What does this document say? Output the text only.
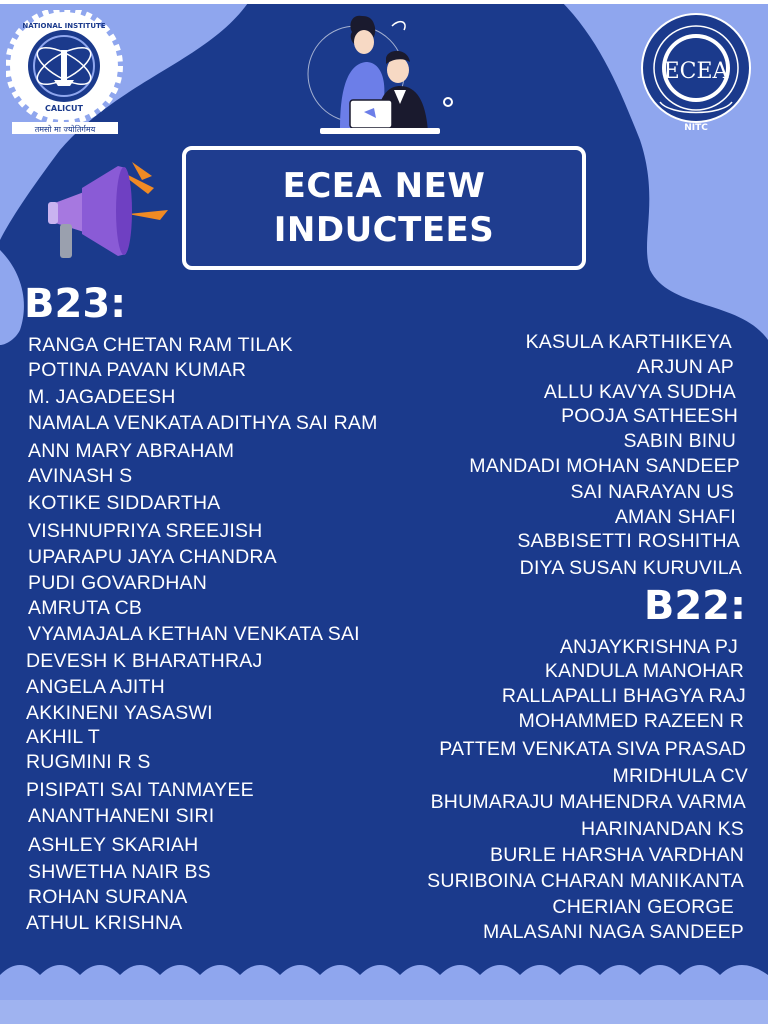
NATIONAL INSTITUTE
CALICUT
तमसो मा ज्योतिर्गमय
ECEA
NITC
ECEA NEW
INDUCTEES
B23:
RANGA CHETAN RAM TILAK
POTINA PAVAN KUMAR
M. JAGADEESH
NAMALA VENKATA ADITHYA SAI RAM
ANN MARY ABRAHAM
AVINASH S
KOTIKE SIDDARTHA
VISHNUPRIYA SREEJISH
UPARAPU JAYA CHANDRA
PUDI GOVARDHAN
AMRUTA CB
VYAMAJALA KETHAN VENKATA SAI
DEVESH K BHARATHRAJ
ANGELA AJITH
AKKINENI YASASWI
AKHIL T
RUGMINI R S
PISIPATI SAI TANMAYEE
ANANTHANENI SIRI
ASHLEY SKARIAH
SHWETHA NAIR BS
ROHAN SURANA
ATHUL KRISHNA
KASULA KARTHIKEYA
ARJUN AP
ALLU KAVYA SUDHA
POOJA SATHEESH
SABIN BINU
MANDADI MOHAN SANDEEP
SAI NARAYAN US
AMAN SHAFI
SABBISETTI ROSHITHA
DIYA SUSAN KURUVILA
B22:
ANJAYKRISHNA PJ
KANDULA MANOHAR
RALLAPALLI BHAGYA RAJ
MOHAMMED RAZEEN R
PATTEM VENKATA SIVA PRASAD
MRIDHULA CV
BHUMARAJU MAHENDRA VARMA
HARINANDAN KS
BURLE HARSHA VARDHAN
SURIBOINA CHARAN MANIKANTA
CHERIAN GEORGE
MALASANI NAGA SANDEEP
